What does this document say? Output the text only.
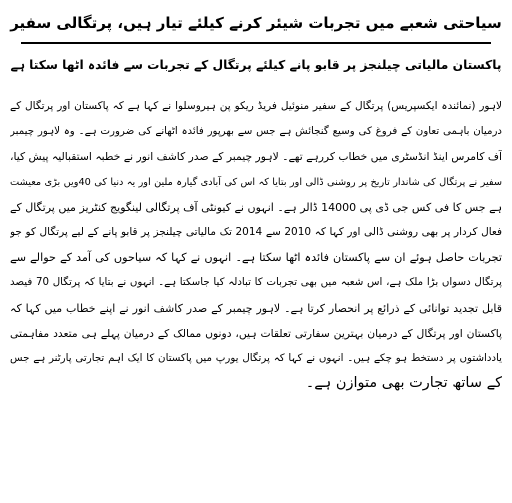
سیاحتی شعبے میں تجربات شیئر کرنے کیلئے تیار ہیں، پرتگالی سفیر
پاکستان مالیاتی چیلنجز پر قابو پانے کیلئے پرتگال کے تجربات سے فائدہ اٹھا سکتا ہے
لاہور (نمائندہ ایکسپریس) پرتگال کے سفیر منوئیل فریڈ ریکو پن ہیروسلوا نے کہا ہے کہ پاکستان اور پرتگال کے
درمیان باہمی تعاون کے فروغ کی وسیع گنجائش ہے جس سے بھرپور فائدہ اٹھانے کی ضرورت ہے۔ وہ لاہور چیمبر
آف کامرس اینڈ انڈسٹری میں خطاب کررہے تھے۔ لاہور چیمبر کے صدر کاشف انور نے خطبہ استقبالیہ پیش کیا،
سفیر نے پرتگال کی شاندار تاریخ پر روشنی ڈالی اور بتایا کہ اس کی آبادی گیارہ ملین اور یہ دنیا کی 40ویں بڑی معیشت
ہے جس کا فی کس جی ڈی پی 14000 ڈالر ہے۔ انہوں نے کیونٹی آف پرتگالی لینگویج کنٹریز میں پرتگال کے
فعال کردار پر بھی روشنی ڈالی اور کہا کہ 2010 سے 2014 تک مالیاتی چیلنجز پر قابو پانے کے لیے پرتگال کو جو
تجربات حاصل ہوئے ان سے پاکستان فائدہ اٹھا سکتا ہے۔ انہوں نے کہا کہ سیاحوں کی آمد کے حوالے سے
پرتگال دسواں بڑا ملک ہے، اس شعبہ میں بھی تجربات کا تبادلہ کیا جاسکتا ہے۔ انہوں نے بتایا کہ پرتگال 70 فیصد
قابل تجدید توانائی کے ذرائع پر انحصار کرتا ہے۔ لاہور چیمبر کے صدر کاشف انور نے اپنے خطاب میں کہا کہ
پاکستان اور پرتگال کے درمیان بہترین سفارتی تعلقات ہیں، دونوں ممالک کے درمیان پہلے ہی متعدد مفاہمتی
یادداشتوں پر دستخط ہو چکے ہیں۔ انہوں نے کہا کہ پرتگال یورپ میں پاکستان کا ایک اہم تجارتی پارٹنر ہے جس
کے ساتھ تجارت بھی متوازن ہے۔
